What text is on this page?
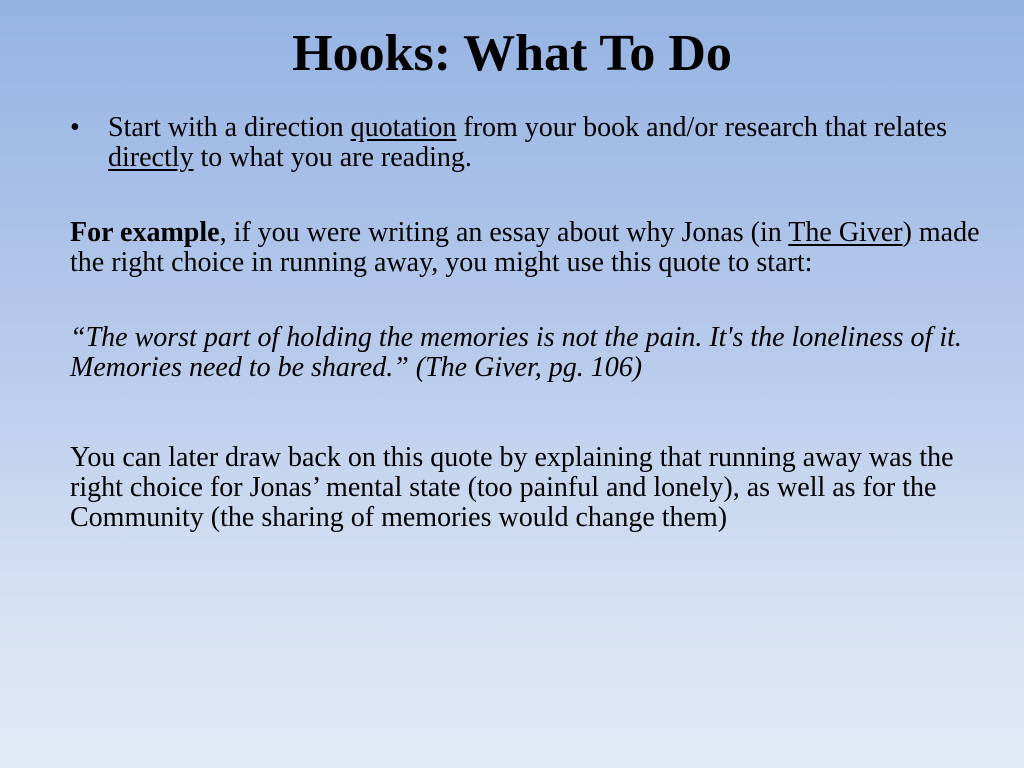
Hooks: What To Do
•	Start with a direction quotation from your book and/or research that relates directly to what you are reading.

For example, if you were writing an essay about why Jonas (in The Giver) made the right choice in running away, you might use this quote to start:

“The worst part of holding the memories is not the pain. It's the loneliness of it. Memories need to be shared.” (The Giver, pg. 106)

You can later draw back on this quote by explaining that running away was the right choice for Jonas’ mental state (too painful and lonely), as well as for the Community (the sharing of memories would change them)
